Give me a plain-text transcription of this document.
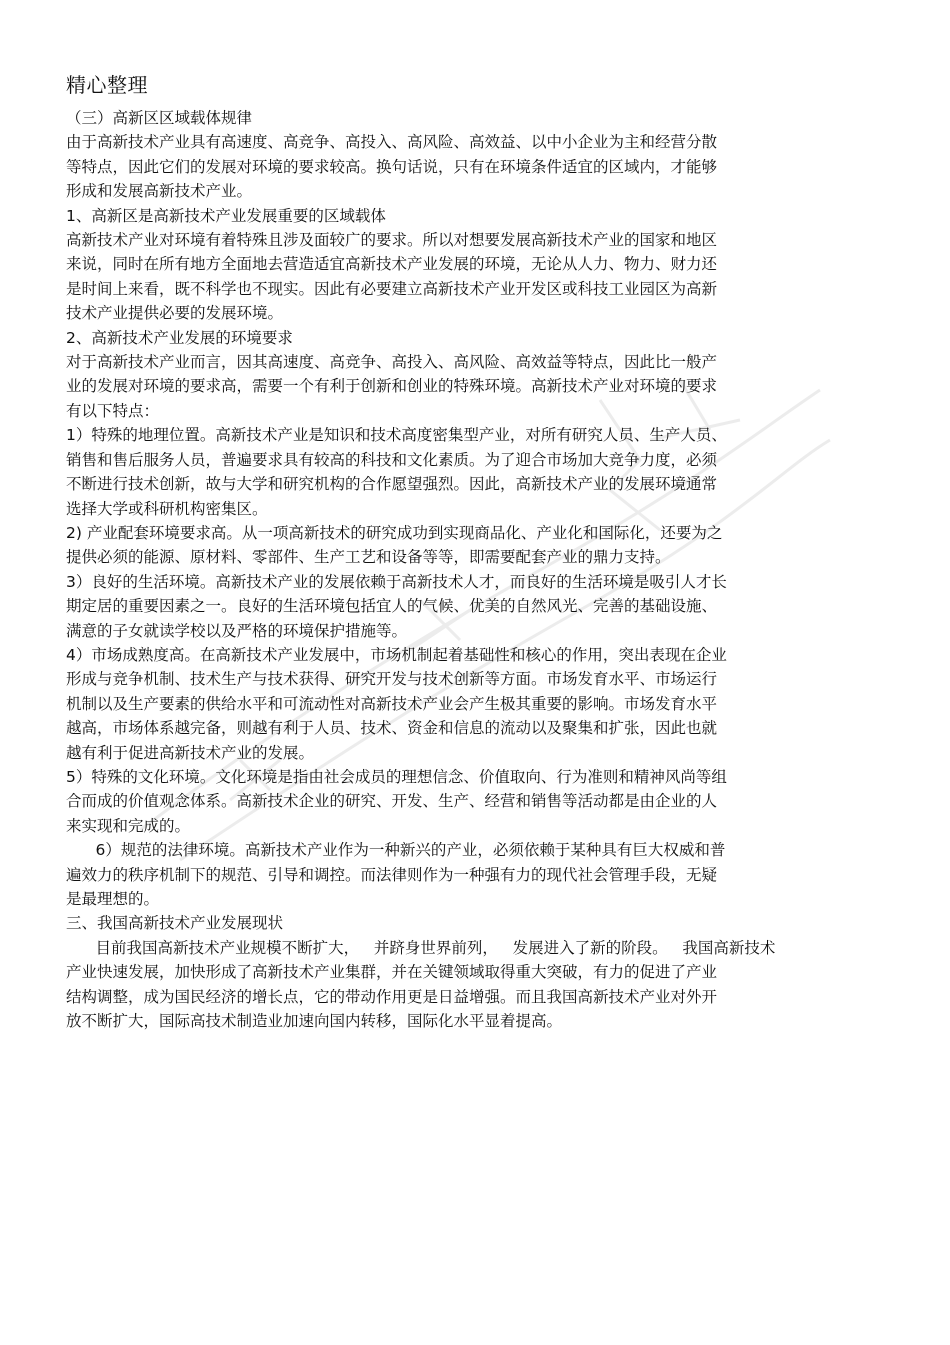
精心整理

（三）高新区区域载体规律

由于高新技术产业具有高速度、高竞争、高投入、高风险、高效益、以中小企业为主和经营分散
等特点，因此它们的发展对环境的要求较高。换句话说，只有在环境条件适宜的区域内，才能够
形成和发展高新技术产业。

1、高新区是高新技术产业发展重要的区域载体

高新技术产业对环境有着特殊且涉及面较广的要求。所以对想要发展高新技术产业的国家和地区
来说，同时在所有地方全面地去营造适宜高新技术产业发展的环境，无论从人力、物力、财力还
是时间上来看，既不科学也不现实。因此有必要建立高新技术产业开发区或科技工业园区为高新
技术产业提供必要的发展环境。

2、高新技术产业发展的环境要求

对于高新技术产业而言，因其高速度、高竞争、高投入、高风险、高效益等特点，因此比一般产
业的发展对环境的要求高，需要一个有利于创新和创业的特殊环境。高新技术产业对环境的要求
有以下特点：

1）特殊的地理位置。高新技术产业是知识和技术高度密集型产业，对所有研究人员、生产人员、
销售和售后服务人员，普遍要求具有较高的科技和文化素质。为了迎合市场加大竞争力度，必须
不断进行技术创新，故与大学和研究机构的合作愿望强烈。因此，高新技术产业的发展环境通常
选择大学或科研机构密集区。

2) 产业配套环境要求高。从一项高新技术的研究成功到实现商品化、产业化和国际化，还要为之
提供必须的能源、原材料、零部件、生产工艺和设备等等，即需要配套产业的鼎力支持。

3）良好的生活环境。高新技术产业的发展依赖于高新技术人才，而良好的生活环境是吸引人才长
期定居的重要因素之一。良好的生活环境包括宜人的气候、优美的自然风光、完善的基础设施、
满意的子女就读学校以及严格的环境保护措施等。

4）市场成熟度高。在高新技术产业发展中，市场机制起着基础性和核心的作用，突出表现在企业
形成与竞争机制、技术生产与技术获得、研究开发与技术创新等方面。市场发育水平、市场运行
机制以及生产要素的供给水平和可流动性对高新技术产业会产生极其重要的影响。市场发育水平
越高，市场体系越完备，则越有利于人员、技术、资金和信息的流动以及聚集和扩张，因此也就
越有利于促进高新技术产业的发展。

5）特殊的文化环境。文化环境是指由社会成员的理想信念、价值取向、行为准则和精神风尚等组
合而成的价值观念体系。高新技术企业的研究、开发、生产、经营和销售等活动都是由企业的人
来实现和完成的。

6）规范的法律环境。高新技术产业作为一种新兴的产业，必须依赖于某种具有巨大权威和普
遍效力的秩序机制下的规范、引导和调控。而法律则作为一种强有力的现代社会管理手段，无疑
是最理想的。

三、我国高新技术产业发展现状

目前我国高新技术产业规模不断扩大，   并跻身世界前列，   发展进入了新的阶段。   我国高新技术
产业快速发展，加快形成了高新技术产业集群，并在关键领域取得重大突破，有力的促进了产业
结构调整，成为国民经济的增长点，它的带动作用更是日益增强。而且我国高新技术产业对外开
放不断扩大，国际高技术制造业加速向国内转移，国际化水平显着提高。
